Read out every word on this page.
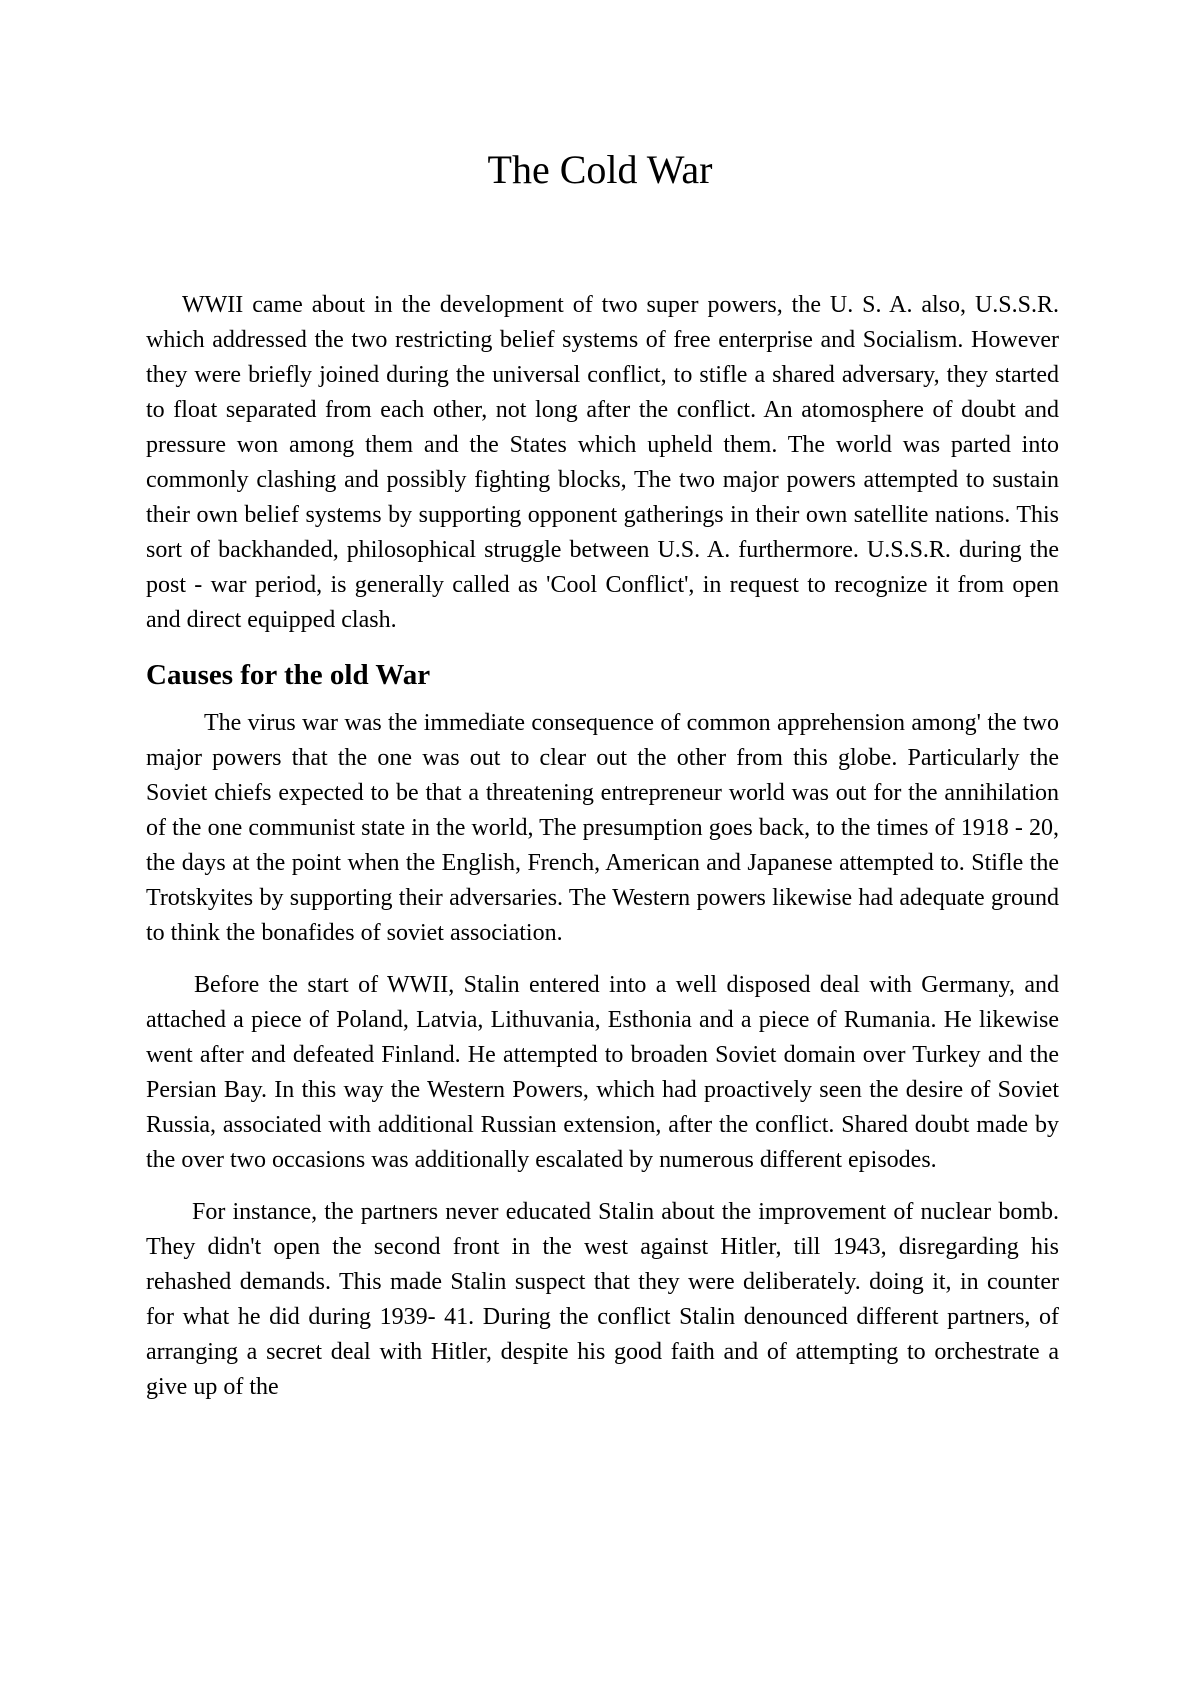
The Cold War

WWII came about in the development of two super powers, the U. S. A. also, U.S.S.R. which addressed the two restricting belief systems of free enterprise and Socialism. However they were briefly joined during the universal conflict, to stifle a shared adversary, they started to float separated from each other, not long after the conflict. An atomosphere of doubt and pressure won among them and the States which upheld them. The world was parted into commonly clashing and possibly fighting blocks, The two major powers attempted to sustain their own belief systems by supporting opponent gatherings in their own satellite nations. This sort of backhanded, philosophical struggle between U.S. A. furthermore. U.S.S.R. during the post - war period, is generally called as 'Cool Conflict', in request to recognize it from open and direct equipped clash.

Causes for the old War

The virus war was the immediate consequence of common apprehension among' the two major powers that the one was out to clear out the other from this globe. Particularly the Soviet chiefs expected to be that a threatening entrepreneur world was out for the annihilation of the one communist state in the world, The presumption goes back, to the times of 1918 - 20, the days at the point when the English, French, American and Japanese attempted to. Stifle the Trotskyites by supporting their adversaries. The Western powers likewise had adequate ground to think the bonafides of soviet association.

Before the start of WWII, Stalin entered into a well disposed deal with Germany, and attached a piece of Poland, Latvia, Lithuvania, Esthonia and a piece of Rumania. He likewise went after and defeated Finland. He attempted to broaden Soviet domain over Turkey and the Persian Bay. In this way the Western Powers, which had proactively seen the desire of Soviet Russia, associated with additional Russian extension, after the conflict. Shared doubt made by the over two occasions was additionally escalated by numerous different episodes.

For instance, the partners never educated Stalin about the improvement of nuclear bomb. They didn't open the second front in the west against Hitler, till 1943, disregarding his rehashed demands. This made Stalin suspect that they were deliberately. doing it, in counter for what he did during 1939- 41. During the conflict Stalin denounced different partners, of arranging a secret deal with Hitler, despite his good faith and of attempting to orchestrate a give up of the
